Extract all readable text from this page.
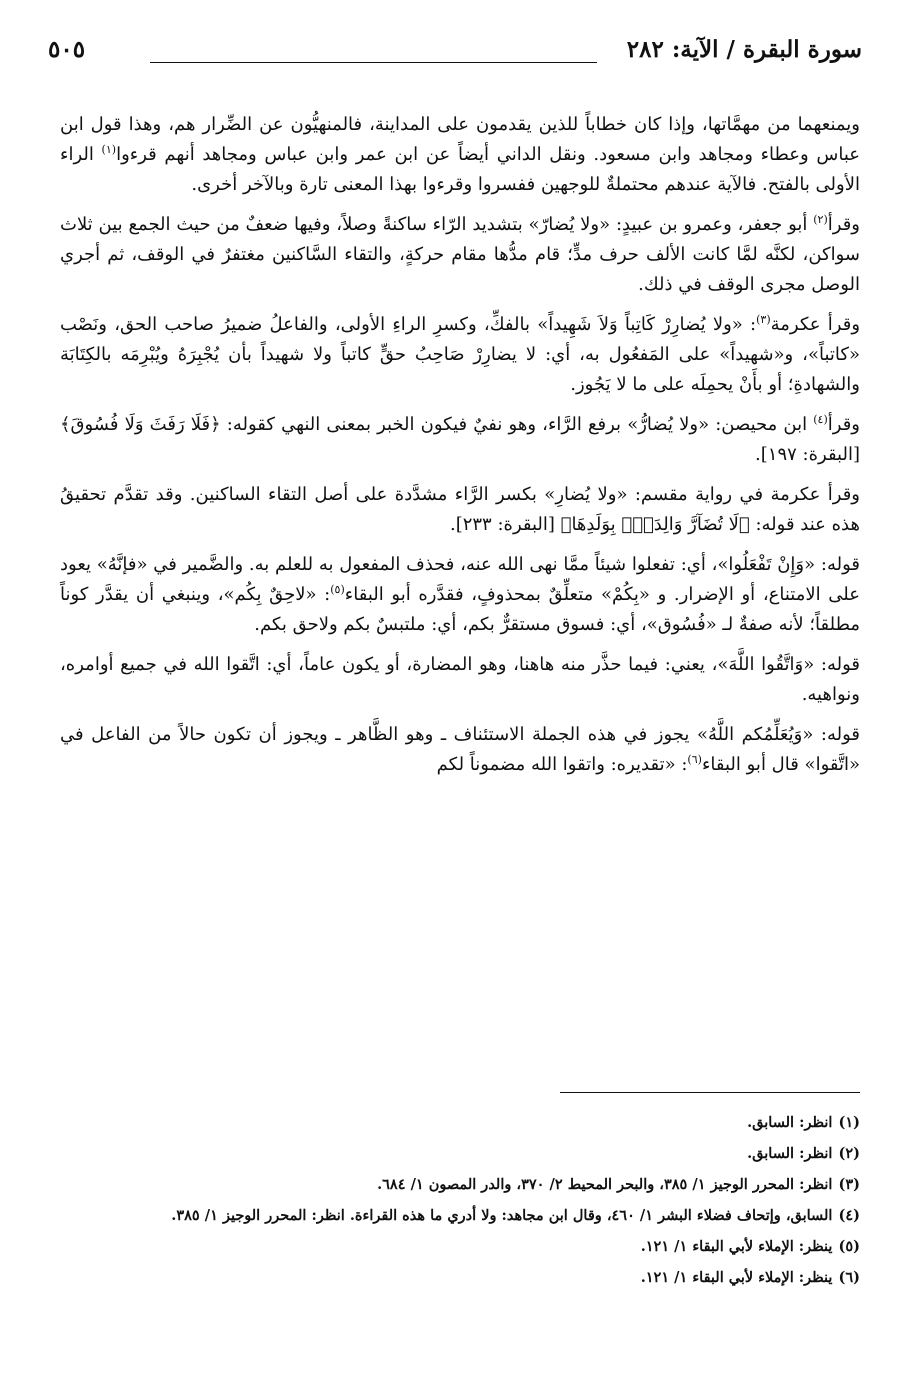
سورة البقرة / الآية: ٢٨٢
٥٠٥

ويمنعهما من مهمَّاتها، وإذا كان خطاباً للذين يقدمون على المداينة، فالمنهيُّون عن الضِّرار هم، وهذا قول ابن عباس وعطاء ومجاهد وابن مسعود. ونقل الداني أيضاً عن ابن عمر وابن عباس ومجاهد أنهم قرءوا$^{(١)}$ الراء الأولى بالفتح. فالآية عندهم محتملةٌ للوجهين ففسروا وقرءوا بهذا المعنى تارة وبالآخر أخرى.

وقرأ$^{(٢)}$ أبو جعفر، وعمرو بن عبيدٍ: «ولا يُضارّ» بتشديد الرّاء ساكنةً وصلاً، وفيها ضعفٌ من حيث الجمع بين ثلاث سواكن، لكنَّه لمَّا كانت الألف حرف مدٍّ؛ قام مدُّها مقام حركةٍ، والتقاء السَّاكنين مغتفرٌ في الوقف، ثم أجري الوصل مجرى الوقف في ذلك.

وقرأ عكرمة$^{(٣)}$: «ولا يُضارِرْ كَاتِباً وَلاَ شَهِيداً» بالفكِّ، وكسرِ الراءِ الأولى، والفاعلُ ضميرُ صاحب الحق، ونَصْب «كاتباً»، و«شهيداً» على المَفعُول به، أي: لا يضارِرْ صَاحِبُ حقٍّ كاتباً ولا شهيداً بأن يُجْبِرَهُ ويُبْرِمَه بالكِتَابَة والشهادةِ؛ أو بأَنْ يحمِلَه على ما لا يَجُوز.

وقرأ$^{(٤)}$ ابن محيصن: «ولا يُضارُّ» برفع الرَّاء، وهو نفيٌ فيكون الخبر بمعنى النهي كقوله: ﴿فَلَا رَفَثَ وَلَا فُسُوقَ﴾ [البقرة: ١٩٧].

وقرأ عكرمة في رواية مقسم: «ولا يُضارِ» بكسر الرَّاء مشدَّدة على أصل التقاء الساكنين. وقد تقدَّم تحقيقُ هذه عند قوله: ﴿لَا تُضَآرَّ وَالِدَةُۢ بِوَلَدِهَا﴾ [البقرة: ٢٣٣].

قوله: «وَإِنْ تَفْعَلُوا»، أي: تفعلوا شيئاً ممَّا نهى الله عنه، فحذف المفعول به للعلم به. والضَّمير في «فإنَّهُ» يعود على الامتناع، أو الإضرار. و «بِكُمْ» متعلِّقٌ بمحذوفٍ، فقدَّره أبو البقاء$^{(٥)}$: «لاحِقٌ بِكُم»، وينبغي أن يقدَّر كوناً مطلقاً؛ لأنه صفةٌ لـ «فُسُوق»، أي: فسوق مستقرٌّ بكم، أي: ملتبسٌ بكم ولاحق بكم.

قوله: «وَاتَّقُوا اللَّهَ»، يعني: فيما حذَّر منه هاهنا، وهو المضارة، أو يكون عاماً، أي: اتَّقوا الله في جميع أوامره، ونواهيه.

قوله: «وَيُعَلِّمُكم اللَّهُ» يجوز في هذه الجملة الاستئناف ـ وهو الظَّاهر ـ ويجوز أن تكون حالاً من الفاعل في «اتَّقوا» قال أبو البقاء$^{(٦)}$: «تقديره: واتقوا الله مضموناً لكم

(١)انظر: السابق.

(٢)انظر: السابق.

(٣)انظر: المحرر الوجيز ١/ ٣٨٥، والبحر المحيط ٢/ ٣٧٠، والدر المصون ١/ ٦٨٤.

(٤)السابق، وإتحاف فضلاء البشر ١/ ٤٦٠، وقال ابن مجاهد: ولا أدري ما هذه القراءة. انظر: المحرر الوجيز ١/ ٣٨٥.

(٥)ينظر: الإملاء لأبي البقاء ١/ ١٢١.

(٦)ينظر: الإملاء لأبي البقاء ١/ ١٢١.
